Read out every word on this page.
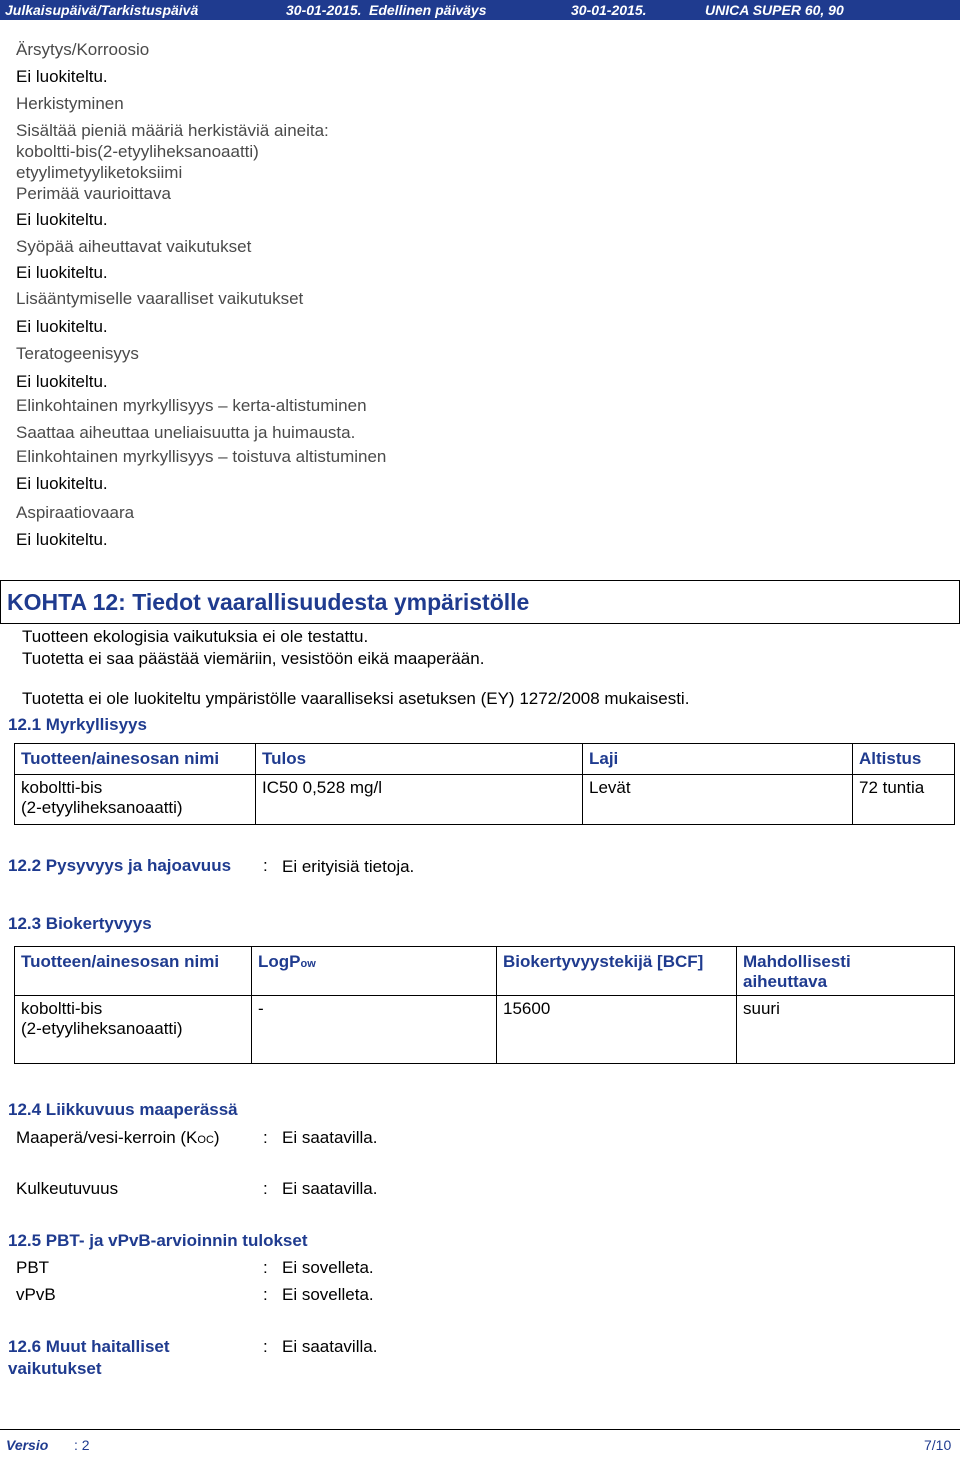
Julkaisupäivä/Tarkistuspäivä	30-01-2015. Edellinen päiväys	30-01-2015.	UNICA SUPER 60, 90
Ärsytys/Korroosio
Ei luokiteltu.
Herkistyminen
Sisältää pieniä määriä herkistäviä aineita:
koboltti-bis(2-etyyliheksanoaatti)
etyylimetyyliketoksiimi
Perimää vaurioittava
Ei luokiteltu.
Syöpää aiheuttavat vaikutukset
Ei luokiteltu.
Lisääntymiselle vaaralliset vaikutukset
Ei luokiteltu.
Teratogeenisyys
Ei luokiteltu.
Elinkohtainen myrkyllisyys – kerta-altistuminen
Saattaa aiheuttaa uneliaisuutta ja huimausta.
Elinkohtainen myrkyllisyys – toistuva altistuminen
Ei luokiteltu.
Aspiraatiovaara
Ei luokiteltu.
KOHTA 12: Tiedot vaarallisuudesta ympäristölle
Tuotteen ekologisia vaikutuksia ei ole testattu.
Tuotetta ei saa päästää viemäriin, vesistöön eikä maaperään.
Tuotetta ei ole luokiteltu ympäristölle vaaralliseksi asetuksen (EY) 1272/2008 mukaisesti.
12.1 Myrkyllisyys
Tuotteen/ainesosan nimi	Tulos	Laji	Altistus

koboltti-bis
(2-etyyliheksanoaatti)	IC50 0,528 mg/l	Levät	72 tuntia
12.2 Pysyvyys ja hajoavuus : Ei erityisiä tietoja.
12.3 Biokertyvyys
Tuotteen/ainesosan nimi	LogPow	Biokertyvyystekijä [BCF]	Mahdollisesti
aiheuttava

koboltti-bis
(2-etyyliheksanoaatti)	-	15600	suuri
12.4 Liikkuvuus maaperässä
Maaperä/vesi-kerroin (KOC)	: Ei saatavilla.
Kulkeutuvuus	: Ei saatavilla.
12.5 PBT- ja vPvB-arvioinnin tulokset
PBT	: Ei sovelleta.
vPvB	: Ei sovelleta.
12.6 Muut haitalliset
vaikutukset
: Ei saatavilla.
Versio : 2	7/10
